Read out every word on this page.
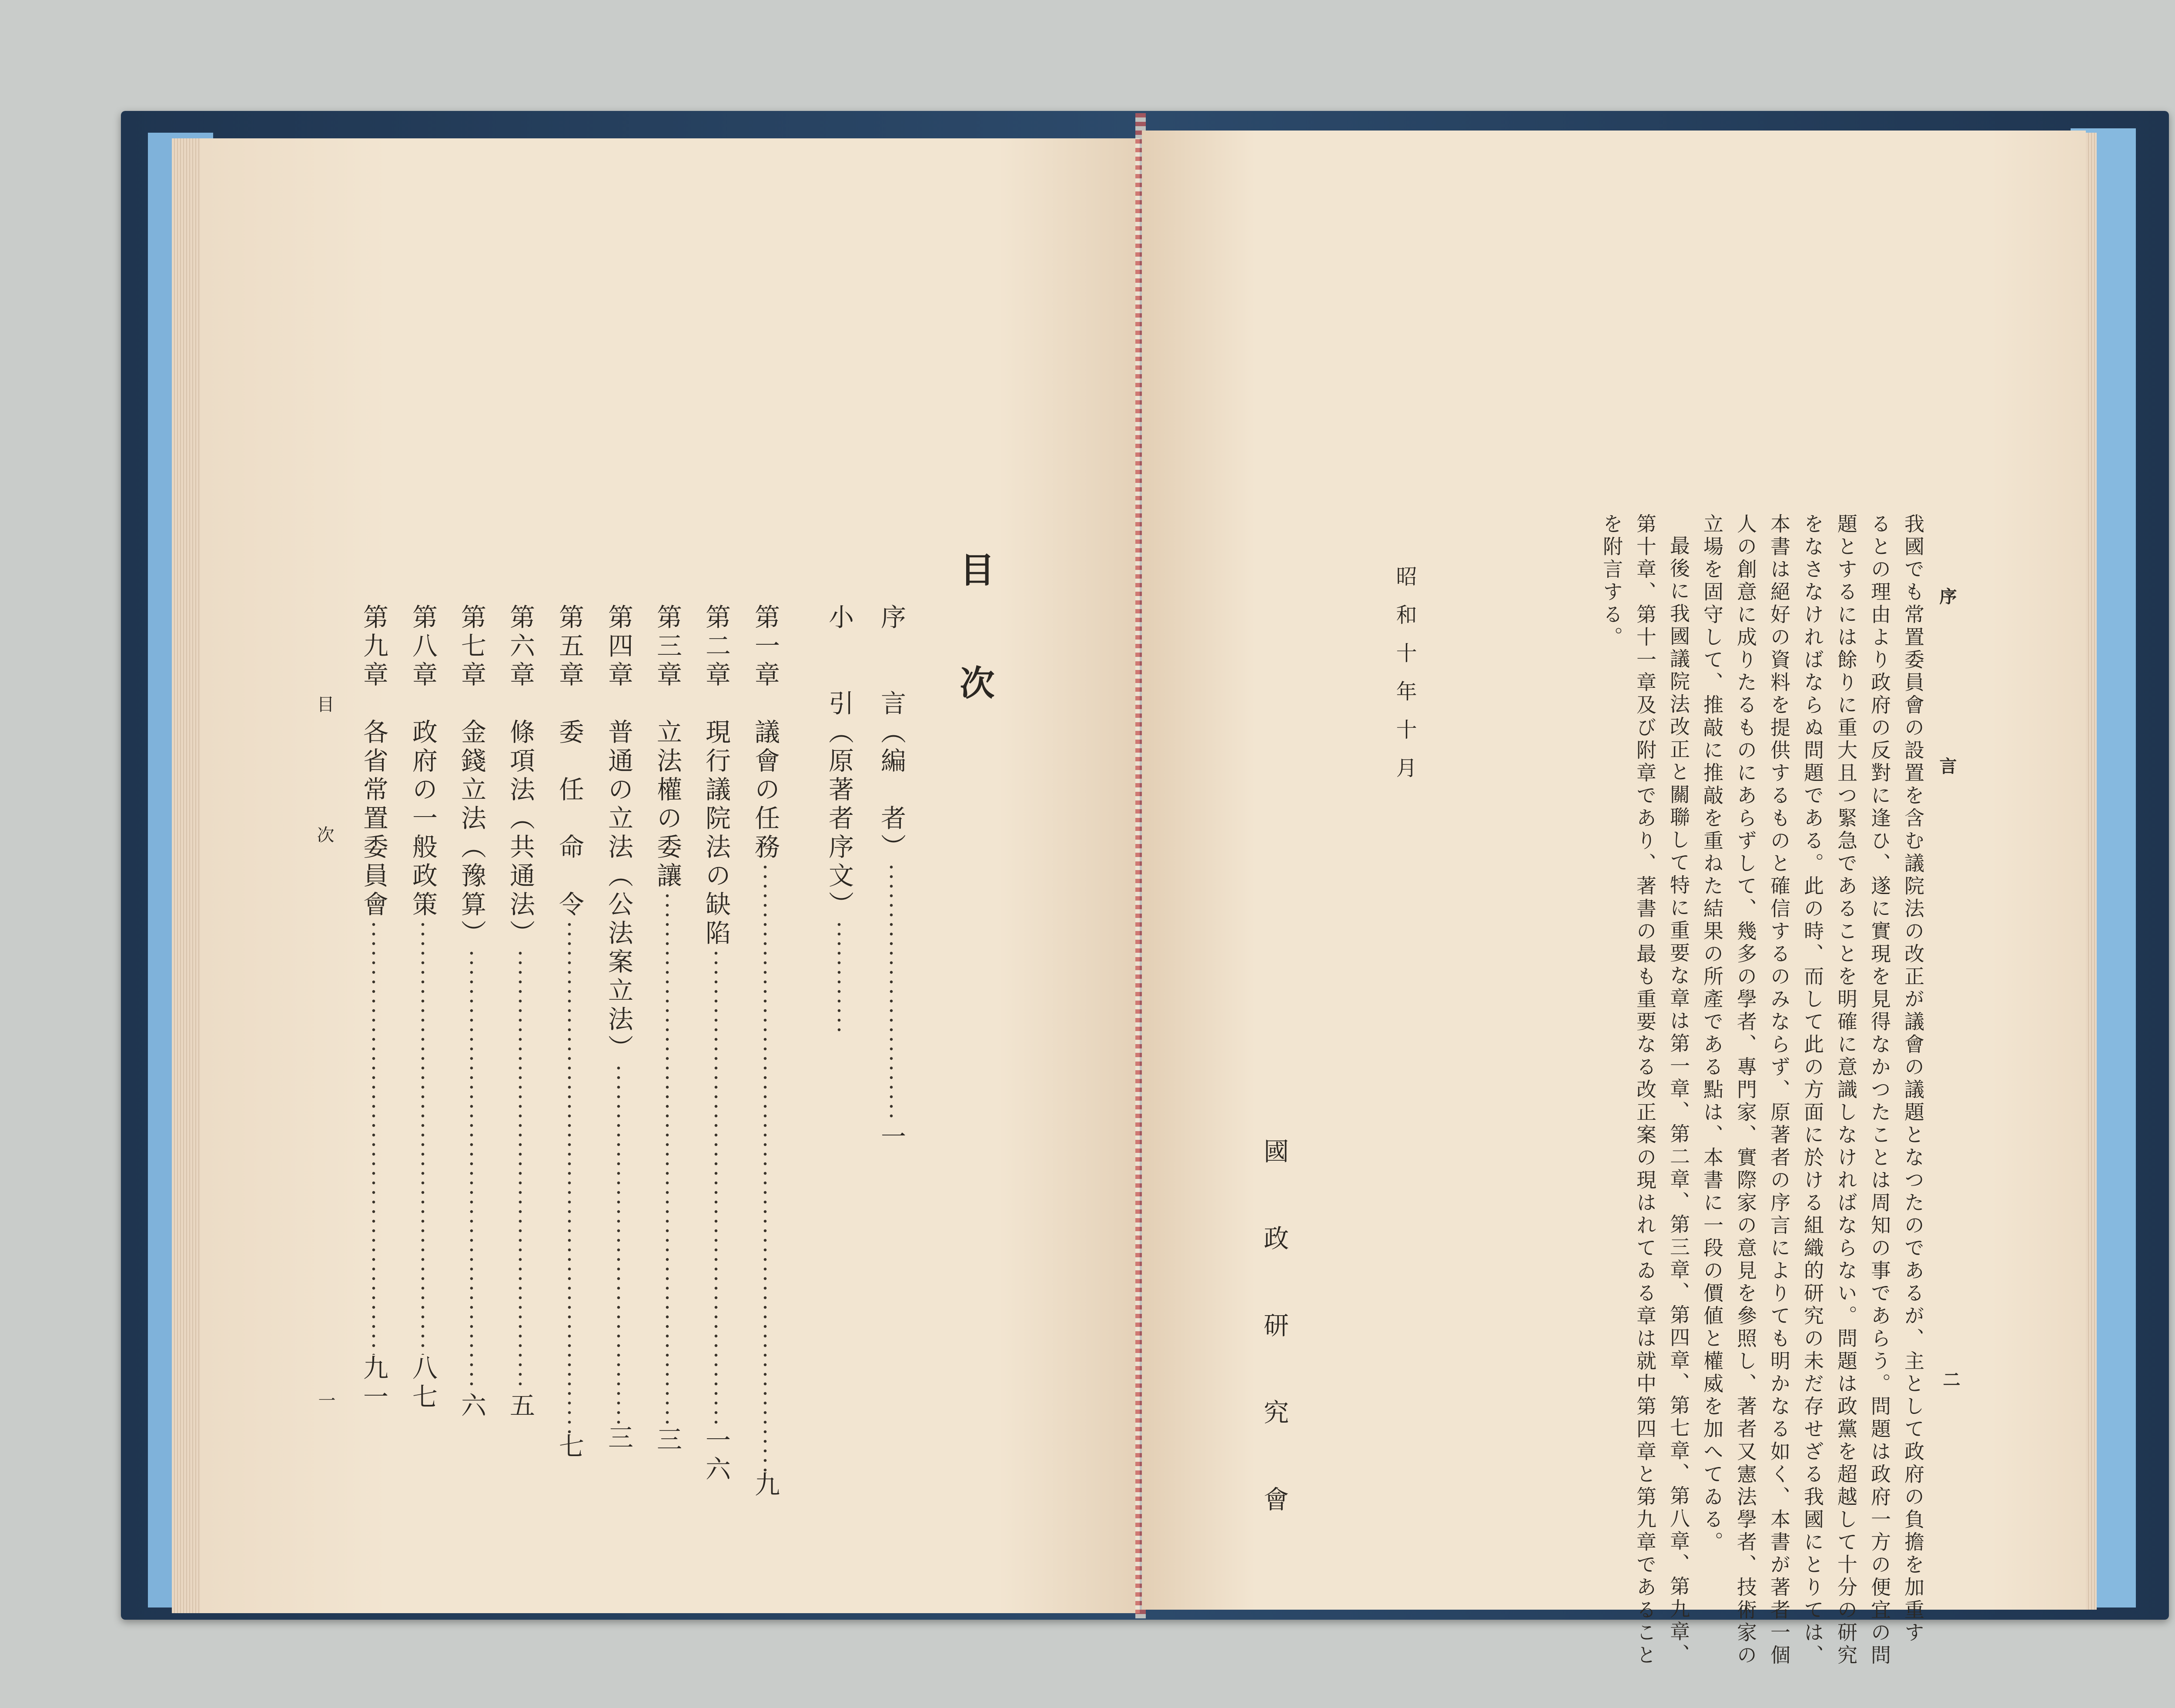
目次
序　　言（編　者）一
小　　引（原著者序文）
第一章　議會の任務九
第二章　現行議院法の缺陷一六
第三章　立法權の委讓三
第四章　普通の立法（公法案立法）三
第五章　委　任　命　令七
第六章　條項法（共通法）五
第七章　金錢立法（豫算）六
第八章　政府の一般政策八七
第九章　各省常置委員會九一
目　次
一
序　　言
二
我國でも常置委員會の設置を含む議院法の改正が議會の議題となつたのであるが、主として政府の負擔を加重す
るとの理由より政府の反對に逢ひ、遂に實現を見得なかつたことは周知の事であらう。問題は政府一方の便宜の問
題とするには餘りに重大且つ緊急であることを明確に意識しなければならない。問題は政黨を超越して十分の研究
をなさなければならぬ問題である。此の時、而して此の方面に於ける組織的研究の未だ存せざる我國にとりては、
本書は絕好の資料を提供するものと確信するのみならず、原著者の序言によりても明かなる如く、本書が著者一個
人の創意に成りたるものにあらずして、幾多の學者、專門家、實際家の意見を參照し、著者又憲法學者、技術家の
立場を固守して、推敲に推敲を重ねた結果の所產である點は、本書に一段の價値と權威を加へてゐる。
最後に我國議院法改正と關聯して特に重要な章は第一章、第二章、第三章、第四章、第七章、第八章、第九章、
第十章、第十一章及び附章であり、著書の最も重要なる改正案の現はれてゐる章は就中第四章と第九章であること
を附言する。
昭和十年十月
國
政
研
究
會
